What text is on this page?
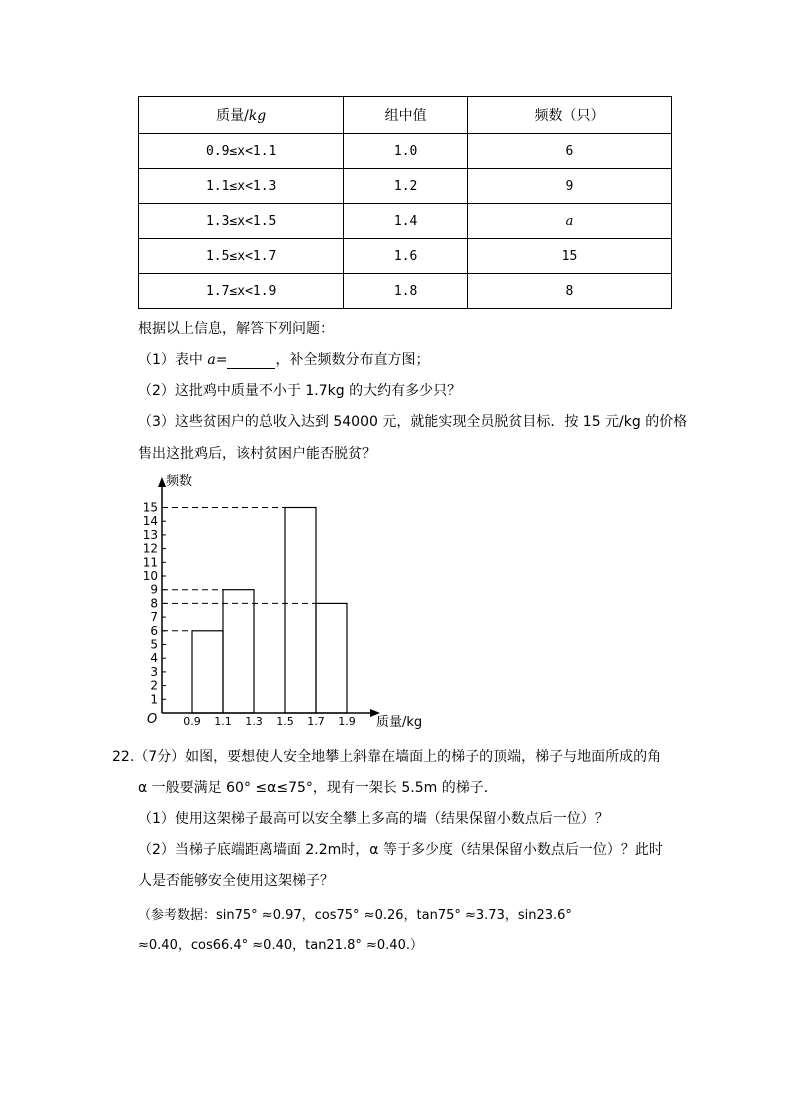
质量/kg	组中值	频数（只）
0.9≤x<1.1	1.0	6
1.1≤x<1.3	1.2	9
1.3≤x<1.5	1.4	a
1.5≤x<1.7	1.6	15
1.7≤x<1.9	1.8	8
根据以上信息，解答下列问题：
（1）表中 a=	，补全频数分布直方图；
（2）这批鸡中质量不小于 1.7kg 的大约有多少只？
（3）这些贫困户的总收入达到 54000 元，就能实现全员脱贫目标．按 15 元/kg 的价格
售出这批鸡后，该村贫困户能否脱贫？
1
2
3
4
5
6
7
8
9
10
11
12
13
14
15
0.9 1.1 1.3 1.5 1.7 1.9
O
频数
质量/kg
22.（7分）如图，要想使人安全地攀上斜靠在墙面上的梯子的顶端，梯子与地面所成的角
α 一般要满足 60° ≤α≤75°，现有一架长 5.5m 的梯子．
（1）使用这架梯子最高可以安全攀上多高的墙（结果保留小数点后一位）？
（2）当梯子底端距离墙面 2.2m时，α 等于多少度（结果保留小数点后一位）？此时
人是否能够安全使用这架梯子？
（参考数据：sin75° ≈0.97，cos75° ≈0.26，tan75° ≈3.73，sin23.6°
≈0.40，cos66.4° ≈0.40，tan21.8° ≈0.40.）
